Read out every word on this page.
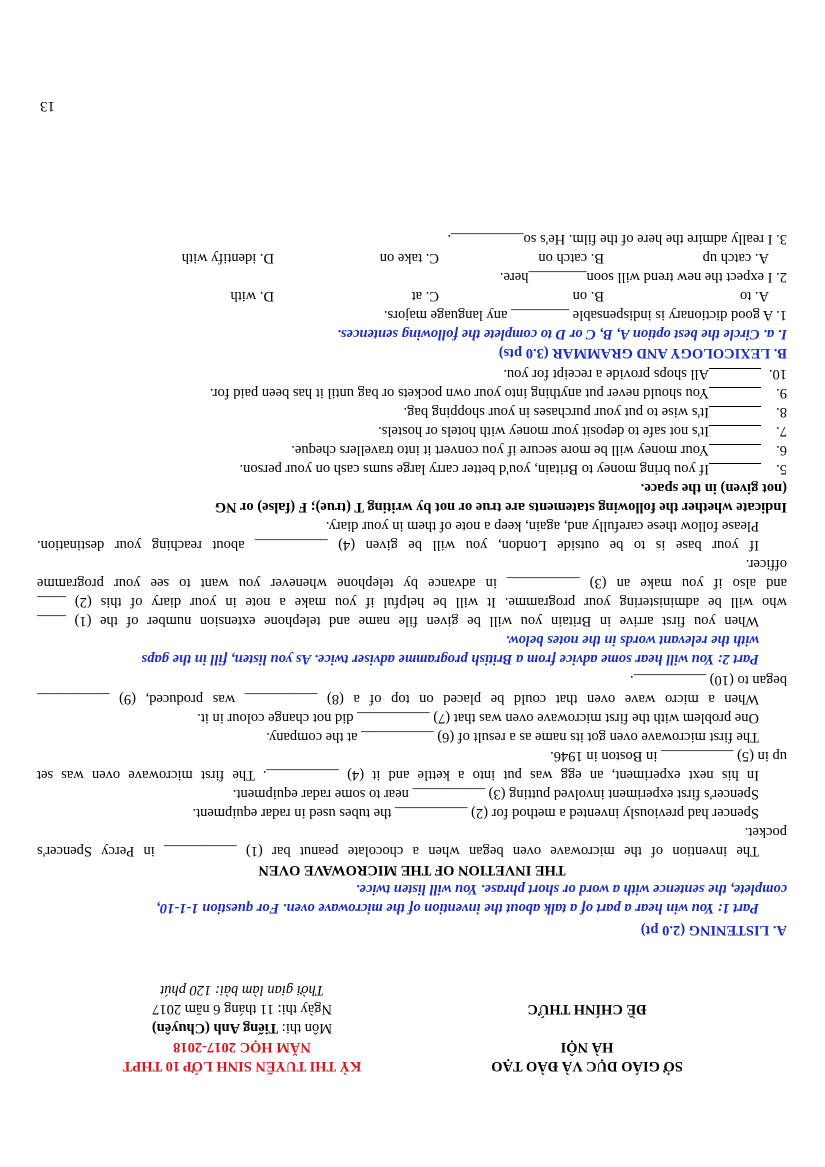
SỞ GIÁO DỤC VÀ ĐÀO TẠO
HÀ NỘI
ĐỀ CHÍNH THỨC
KỲ THI TUYỂN SINH LỚP 10 THPT
NĂM HỌC 2017-2018
Môn thi: Tiếng Anh (Chuyên)
Ngày thi: 11 tháng 6 năm 2017
Thời gian làm bài: 120 phút

A. LISTENING (2.0 pt)

Part 1: You win hear a part of a talk about the invention of the microwave oven. For question 1-1-10,

complete, the sentence with a word or short phrase. You will listen twice.

THE INVETION OF THE MICROWAVE OVEN

The invention of the microwave oven began when a chocolate peanut bar (1) __________ in Percy Spencer's

pocket.

Spencer had previously invented a method for (2) __________ the tubes used in radar equipment.

Spencer's first experiment involved putting (3) __________ near to some radar equipment.

In his next experiment, an egg was put into a kettle and it (4) __________. The first microwave oven was set

up in (5) __________ in Boston in 1946.

The first microwave oven got its name as a result of (6) __________ at the company.

One problem with the first microwave oven was that (7) __________ did not change colour in it.

When a micro wave oven that could be placed on top of a (8) __________ was produced, (9) __________

began to (10) __________.

Part 2: You will hear some advice from a British programme adviser twice. As you listen, fill in the gaps

with the relevant words in the notes below.

When you first arrive in Britain you will be given file name and telephone extension number of the (1) ____

who will be administering your programme. It will be helpful if you make a note in your diary of this (2) ____

and also if you make an (3) __________ in advance by telephone whenever you want to see your programme

officer.

If your base is to be outside London, you will be given (4) __________ about reaching your destination.

Please follow these carefully and, again, keep a note of them in your diary.

Indicate whether the following statements are true or not by writing T (true); F (false) or NG

(not given) in the space.

5.
If you bring money to Britain, you'd better carry large sums cash on your person.
6.
Your money will be more secure if you convert it into travellers cheque.
7.
It's not safe to deposit your money with hotels or hostels.
8.
It's wise to put your purchases in your shopping bag.
9.
You should never put anything into your own pockets or bag until it has been paid for.
10.
All shops provide a receipt for you.

B. LEXICOLOGY AND GRAMMAR (3.0 pts)

I. a. Circle the best option A, B, C or D to complete the following sentences.

1. A good dictionary is indispensable ________ any language majors.

A. to
B. on
C. at
D. with

2. I expect the new trend will soon________here.

A. catch up
B. catch on
C. take on
D. identify with

3. I really admire the here of the film. He's so__________.

13
